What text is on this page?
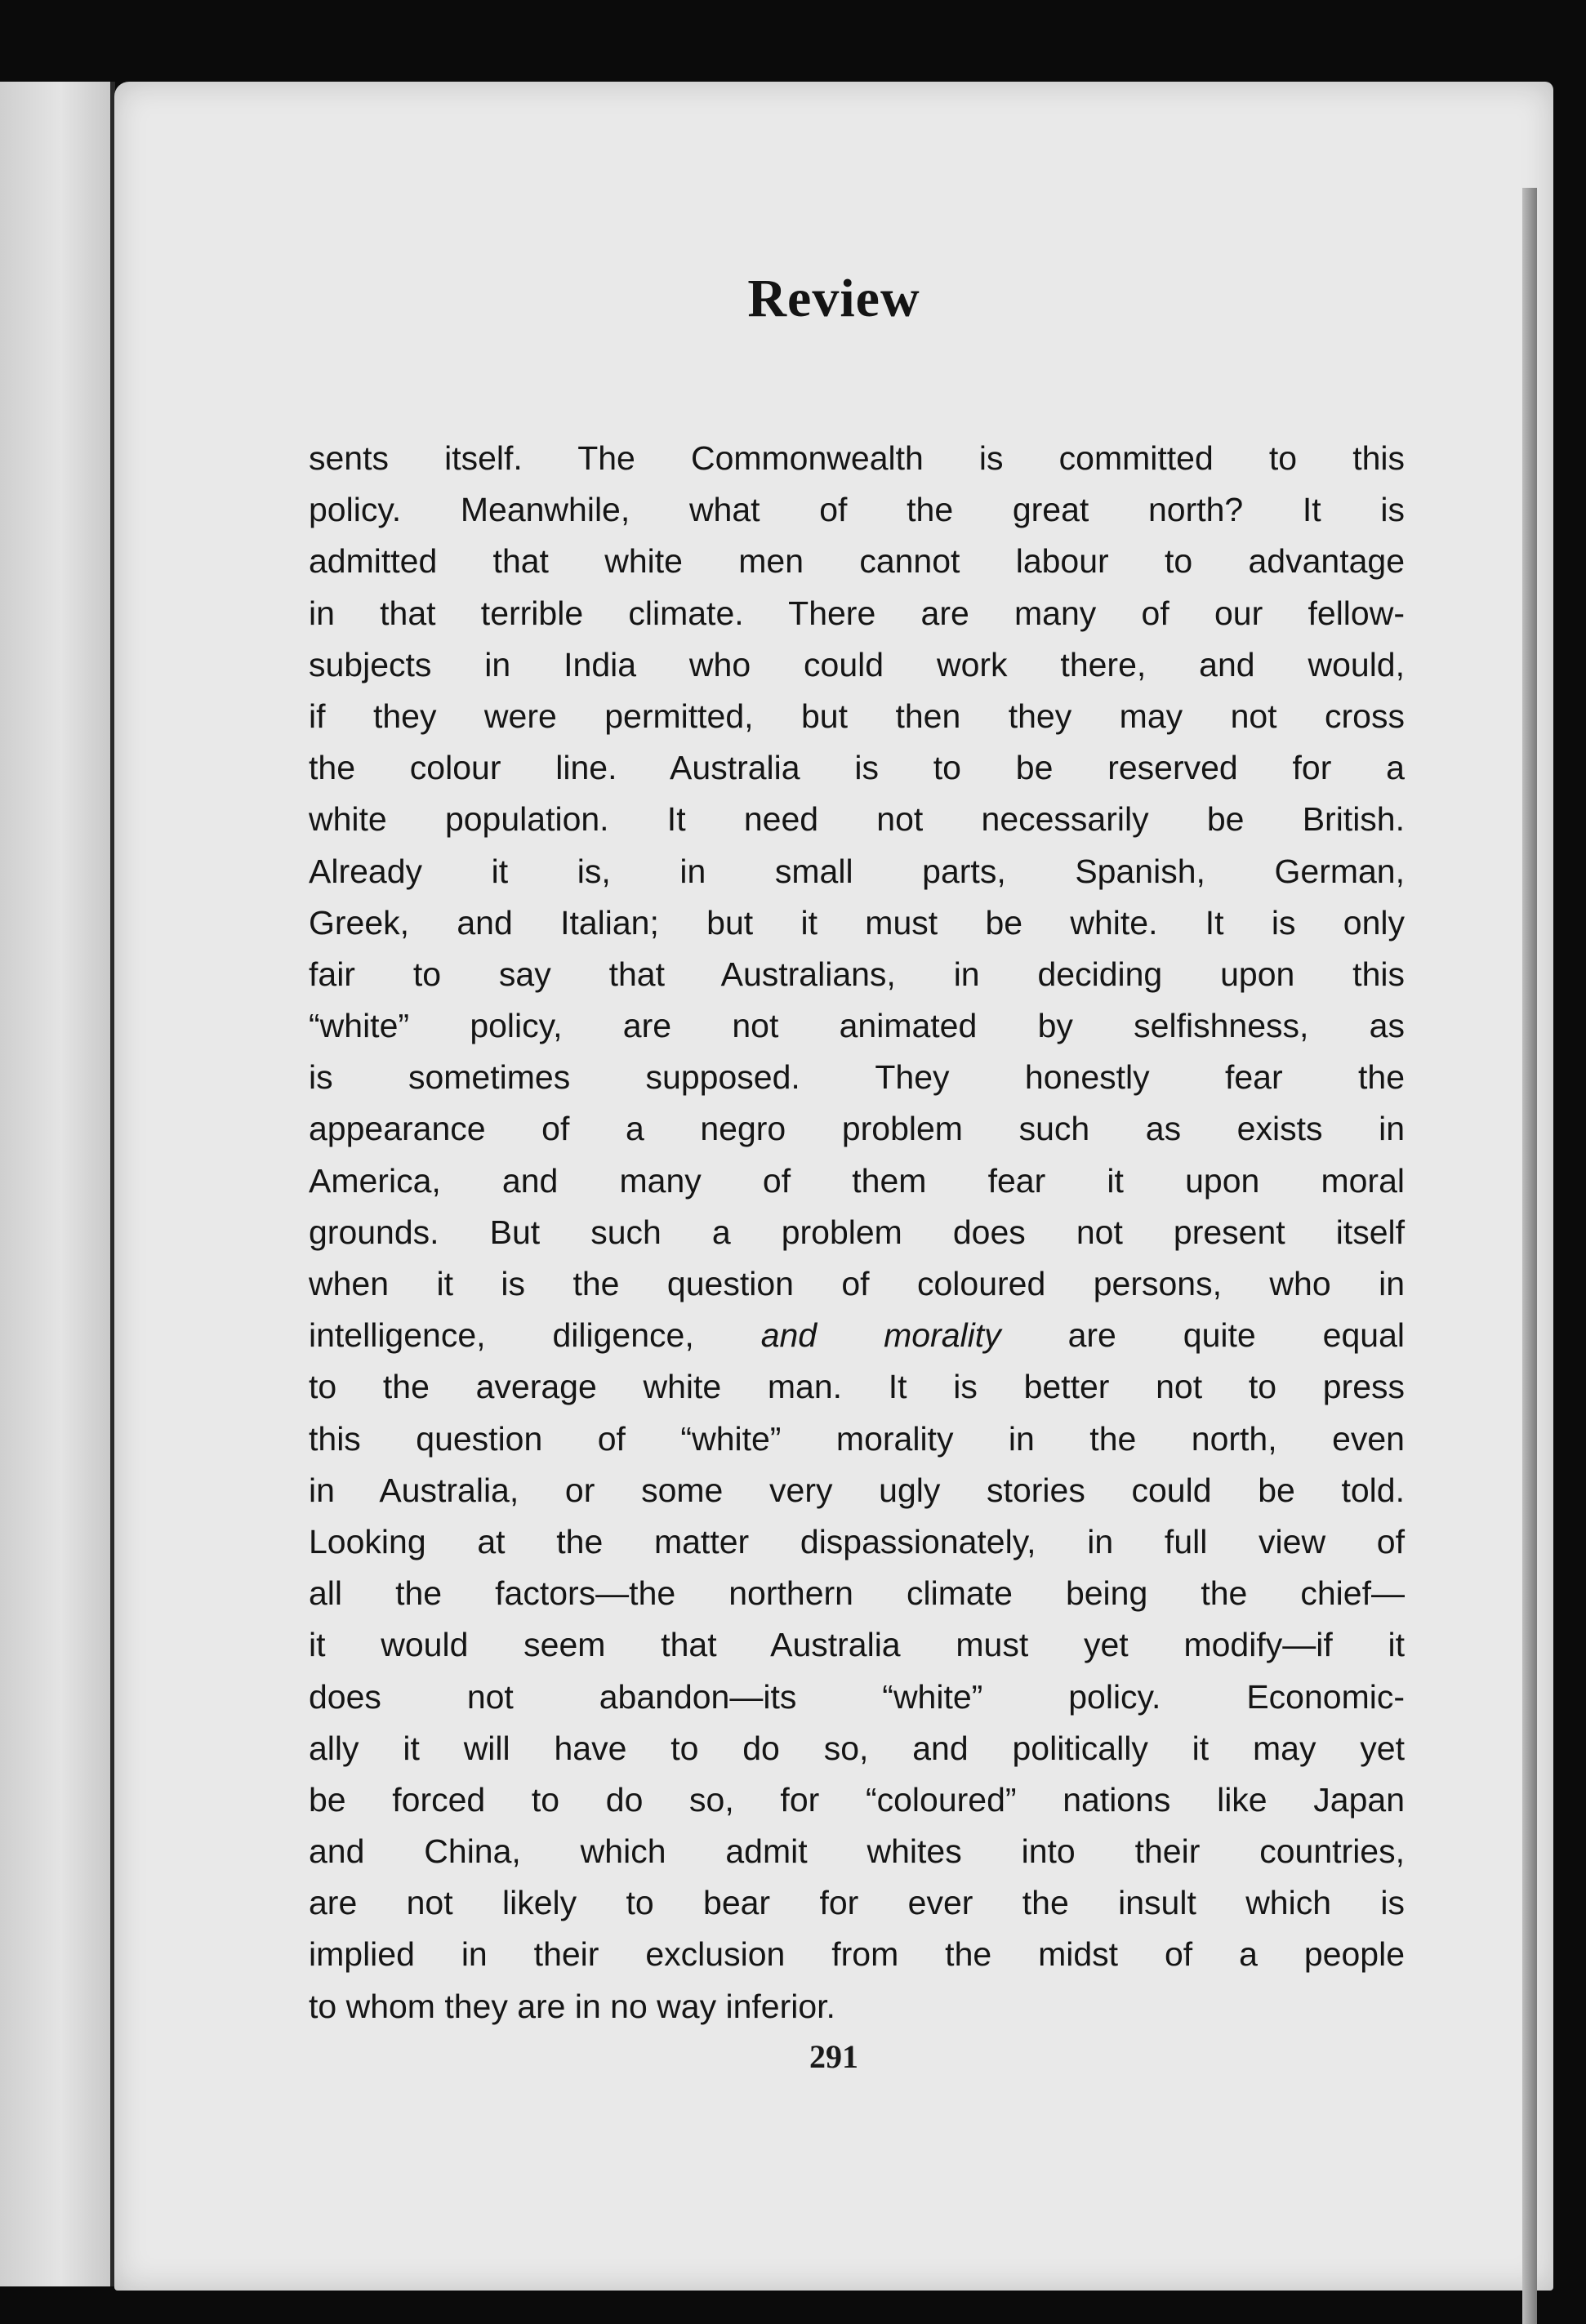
Review
sents itself. The Commonwealth is committed to this
policy. Meanwhile, what of the great north? It is
admitted that white men cannot labour to advantage
in that terrible climate. There are many of our fellow-
subjects in India who could work there, and would,
if they were permitted, but then they may not cross
the colour line. Australia is to be reserved for a
white population. It need not necessarily be British.
Already it is, in small parts, Spanish, German,
Greek, and Italian; but it must be white. It is only
fair to say that Australians, in deciding upon this
“white” policy, are not animated by selfishness, as
is sometimes supposed. They honestly fear the
appearance of a negro problem such as exists in
America, and many of them fear it upon moral
grounds. But such a problem does not present itself
when it is the question of coloured persons, who in
intelligence, diligence, and morality are quite equal
to the average white man. It is better not to press
this question of “white” morality in the north, even
in Australia, or some very ugly stories could be told.
Looking at the matter dispassionately, in full view of
all the factors—the northern climate being the chief—
it would seem that Australia must yet modify—if it
does not abandon—its “white” policy. Economic-
ally it will have to do so, and politically it may yet
be forced to do so, for “coloured” nations like Japan
and China, which admit whites into their countries,
are not likely to bear for ever the insult which is
implied in their exclusion from the midst of a people
to whom they are in no way inferior.
291
